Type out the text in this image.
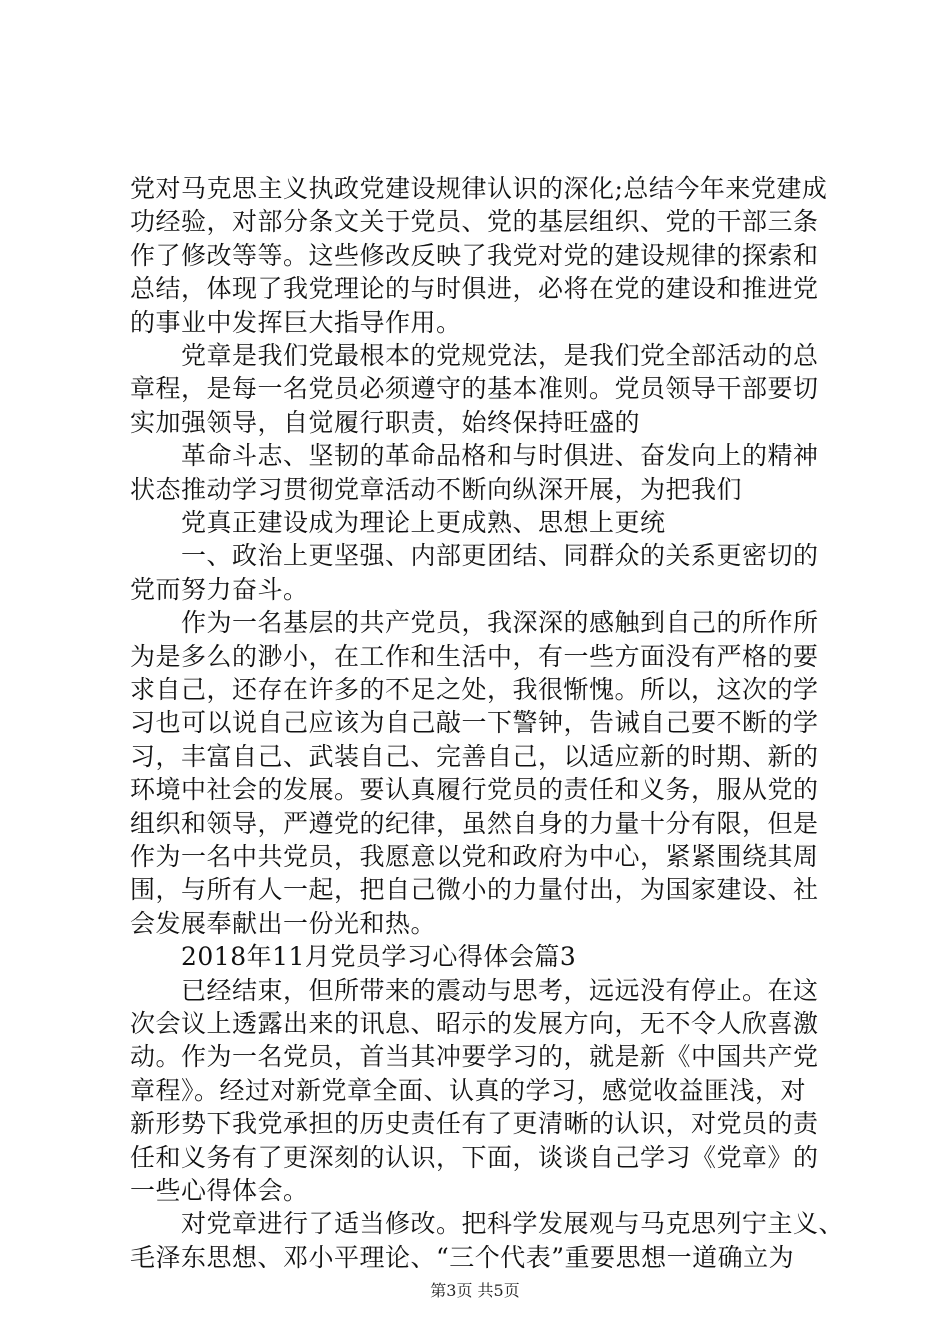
党对马克思主义执政党建设规律认识的深化;总结今年来党建成
功经验，对部分条文关于党员、党的基层组织、党的干部三条
作了修改等等。这些修改反映了我党对党的建设规律的探索和
总结，体现了我党理论的与时俱进，必将在党的建设和推进党
的事业中发挥巨大指导作用。
党章是我们党最根本的党规党法，是我们党全部活动的总
章程，是每一名党员必须遵守的基本准则。党员领导干部要切
实加强领导，自觉履行职责，始终保持旺盛的
革命斗志、坚韧的革命品格和与时俱进、奋发向上的精神
状态推动学习贯彻党章活动不断向纵深开展，为把我们
党真正建设成为理论上更成熟、思想上更统
一、政治上更坚强、内部更团结、同群众的关系更密切的
党而努力奋斗。
作为一名基层的共产党员，我深深的感触到自己的所作所
为是多么的渺小，在工作和生活中，有一些方面没有严格的要
求自己，还存在许多的不足之处，我很惭愧。所以，这次的学
习也可以说自己应该为自己敲一下警钟，告诫自己要不断的学
习，丰富自己、武装自己、完善自己，以适应新的时期、新的
环境中社会的发展。要认真履行党员的责任和义务，服从党的
组织和领导，严遵党的纪律，虽然自身的力量十分有限，但是
作为一名中共党员，我愿意以党和政府为中心，紧紧围绕其周
围，与所有人一起，把自己微小的力量付出，为国家建设、社
会发展奉献出一份光和热。
2018年11月党员学习心得体会篇3
已经结束，但所带来的震动与思考，远远没有停止。在这
次会议上透露出来的讯息、昭示的发展方向，无不令人欣喜激
动。作为一名党员，首当其冲要学习的，就是新《中国共产党
章程》。经过对新党章全面、认真的学习，感觉收益匪浅，对
新形势下我党承担的历史责任有了更清晰的认识，对党员的责
任和义务有了更深刻的认识，下面，谈谈自己学习《党章》的
一些心得体会。
对党章进行了适当修改。把科学发展观与马克思列宁主义、
毛泽东思想、邓小平理论、“三个代表”重要思想一道确立为
第3页 共5页
